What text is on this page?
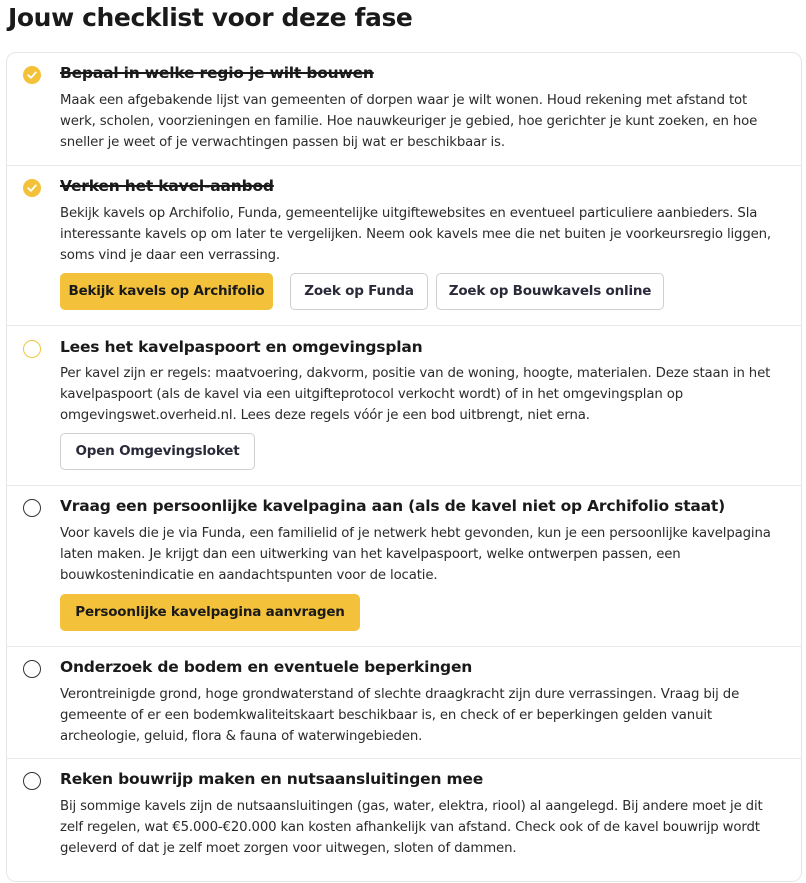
Jouw checklist voor deze fase
Bepaal in welke regio je wilt bouwen
Maak een afgebakende lijst van gemeenten of dorpen waar je wilt wonen. Houd rekening met afstand tot werk, scholen, voorzieningen en familie. Hoe nauwkeuriger je gebied, hoe gerichter je kunt zoeken, en hoe sneller je weet of je verwachtingen passen bij wat er beschikbaar is.
Verken het kavel-aanbod
Bekijk kavels op Archifolio, Funda, gemeentelijke uitgiftewebsites en eventueel particuliere aanbieders. Sla interessante kavels op om later te vergelijken. Neem ook kavels mee die net buiten je voorkeursregio liggen, soms vind je daar een verrassing.
Bekijk kavels op Archifolio	Zoek op Funda	Zoek op Bouwkavels online
Lees het kavelpaspoort en omgevingsplan
Per kavel zijn er regels: maatvoering, dakvorm, positie van de woning, hoogte, materialen. Deze staan in het kavelpaspoort (als de kavel via een uitgifteprotocol verkocht wordt) of in het omgevingsplan op omgevingswet.overheid.nl. Lees deze regels vóór je een bod uitbrengt, niet erna.
Open Omgevingsloket
Vraag een persoonlijke kavelpagina aan (als de kavel niet op Archifolio staat)
Voor kavels die je via Funda, een familielid of je netwerk hebt gevonden, kun je een persoonlijke kavelpagina laten maken. Je krijgt dan een uitwerking van het kavelpaspoort, welke ontwerpen passen, een bouwkostenindicatie en aandachtspunten voor de locatie.
Persoonlijke kavelpagina aanvragen
Onderzoek de bodem en eventuele beperkingen
Verontreinigde grond, hoge grondwaterstand of slechte draagkracht zijn dure verrassingen. Vraag bij de gemeente of er een bodemkwaliteitskaart beschikbaar is, en check of er beperkingen gelden vanuit archeologie, geluid, flora & fauna of waterwingebieden.
Reken bouwrijp maken en nutsaansluitingen mee
Bij sommige kavels zijn de nutsaansluitingen (gas, water, elektra, riool) al aangelegd. Bij andere moet je dit zelf regelen, wat €5.000-€20.000 kan kosten afhankelijk van afstand. Check ook of de kavel bouwrijp wordt geleverd of dat je zelf moet zorgen voor uitwegen, sloten of dammen.
